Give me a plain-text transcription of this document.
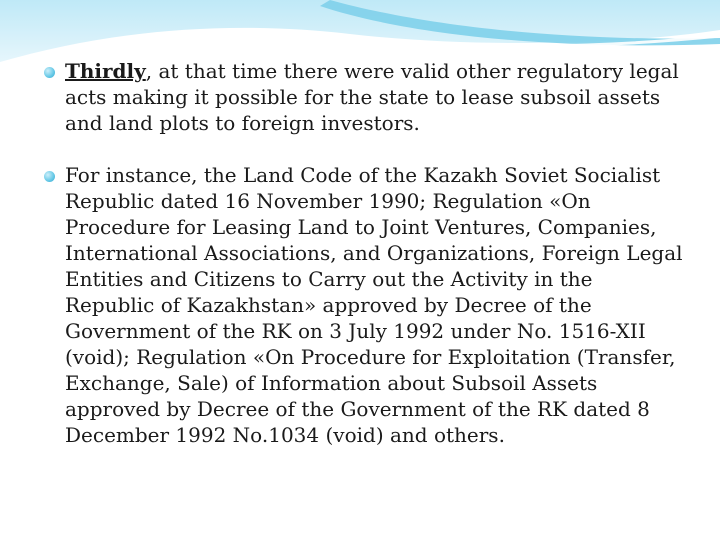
Thirdly, at that time there were valid other regulatory legal acts making it possible for the state to lease subsoil assets and land plots to foreign investors.
For instance, the Land Code of the Kazakh Soviet Socialist Republic dated 16 November 1990; Regulation «On Procedure for Leasing Land to Joint Ventures, Companies, International Associations, and Organizations, Foreign Legal Entities and Citizens to Carry out the Activity in the Republic of Kazakhstan» approved by Decree of the Government of the RK on 3 July 1992 under No. 1516-XII (void); Regulation «On Procedure for Exploitation (Transfer, Exchange, Sale) of Information about Subsoil Assets approved by Decree of the Government of the RK dated 8 December 1992 No.1034 (void) and others.
